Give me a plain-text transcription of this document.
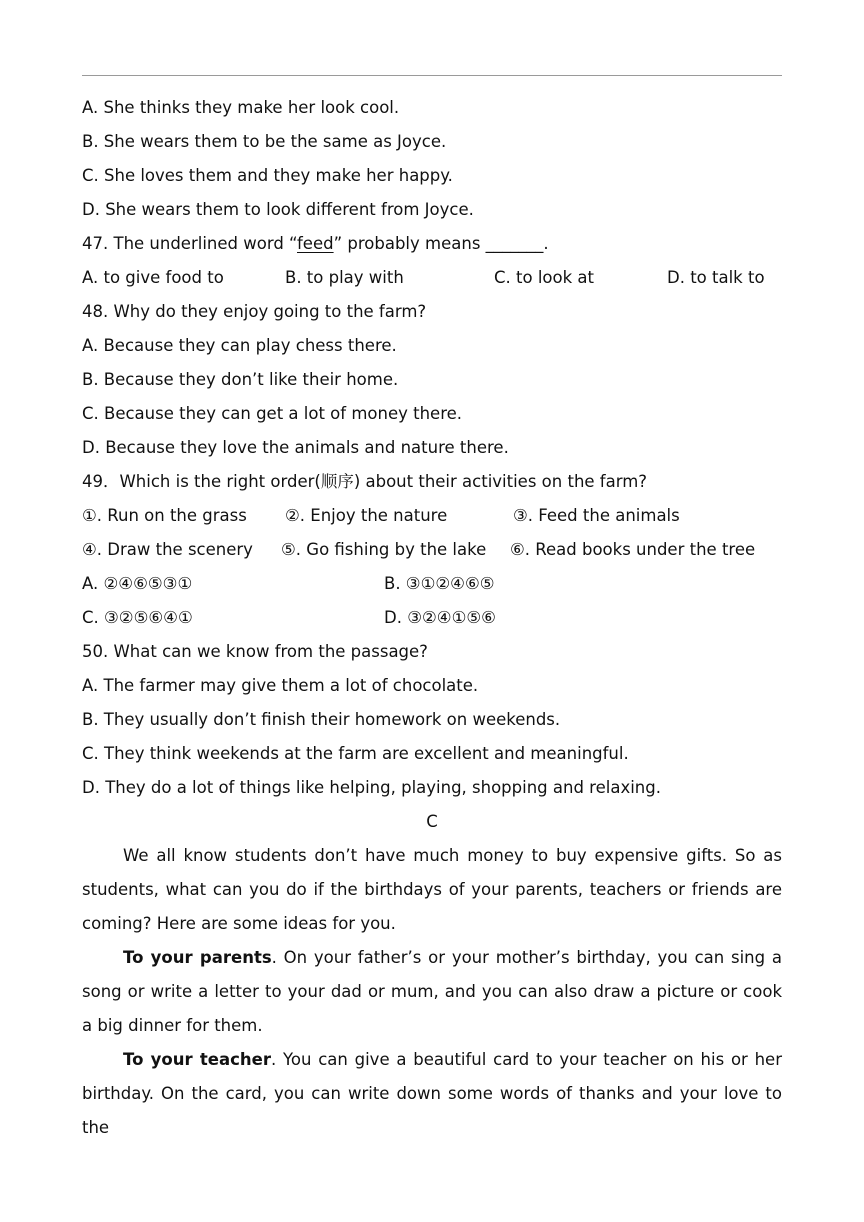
A. She thinks they make her look cool.
B. She wears them to be the same as Joyce.
C. She loves them and they make her happy.
D. She wears them to look different from Joyce.
47. The underlined word “feed” probably means _______.
A. to give food to	B. to play with	C. to look at	D. to talk to
48. Why do they enjoy going to the farm?
A. Because they can play chess there.
B. Because they don’t like their home.
C. Because they can get a lot of money there.
D. Because they love the animals and nature there.
49．Which is the right order(顺序) about their activities on the farm?
①. Run on the grass ②. Enjoy the nature	③. Feed the animals
④. Draw the scenery ⑤. Go fishing by the lake ⑥. Read books under the tree
A. ②④⑥⑤③①	B. ③①②④⑥⑤
C. ③②⑤⑥④①	D. ③②④①⑤⑥
50. What can we know from the passage?
A. The farmer may give them a lot of chocolate.
B. They usually don’t finish their homework on weekends.
C. They think weekends at the farm are excellent and meaningful.
D. They do a lot of things like helping, playing, shopping and relaxing.
C

We all know students don’t have much money to buy expensive gifts. So as students, what can you do if the birthdays of your parents, teachers or friends are coming? Here are some ideas for you.

To your parents. On your father’s or your mother’s birthday, you can sing a song or write a letter to your dad or mum, and you can also draw a picture or cook a big dinner for them.

To your teacher. You can give a beautiful card to your teacher on his or her birthday. On the card, you can write down some words of thanks and your love to the
